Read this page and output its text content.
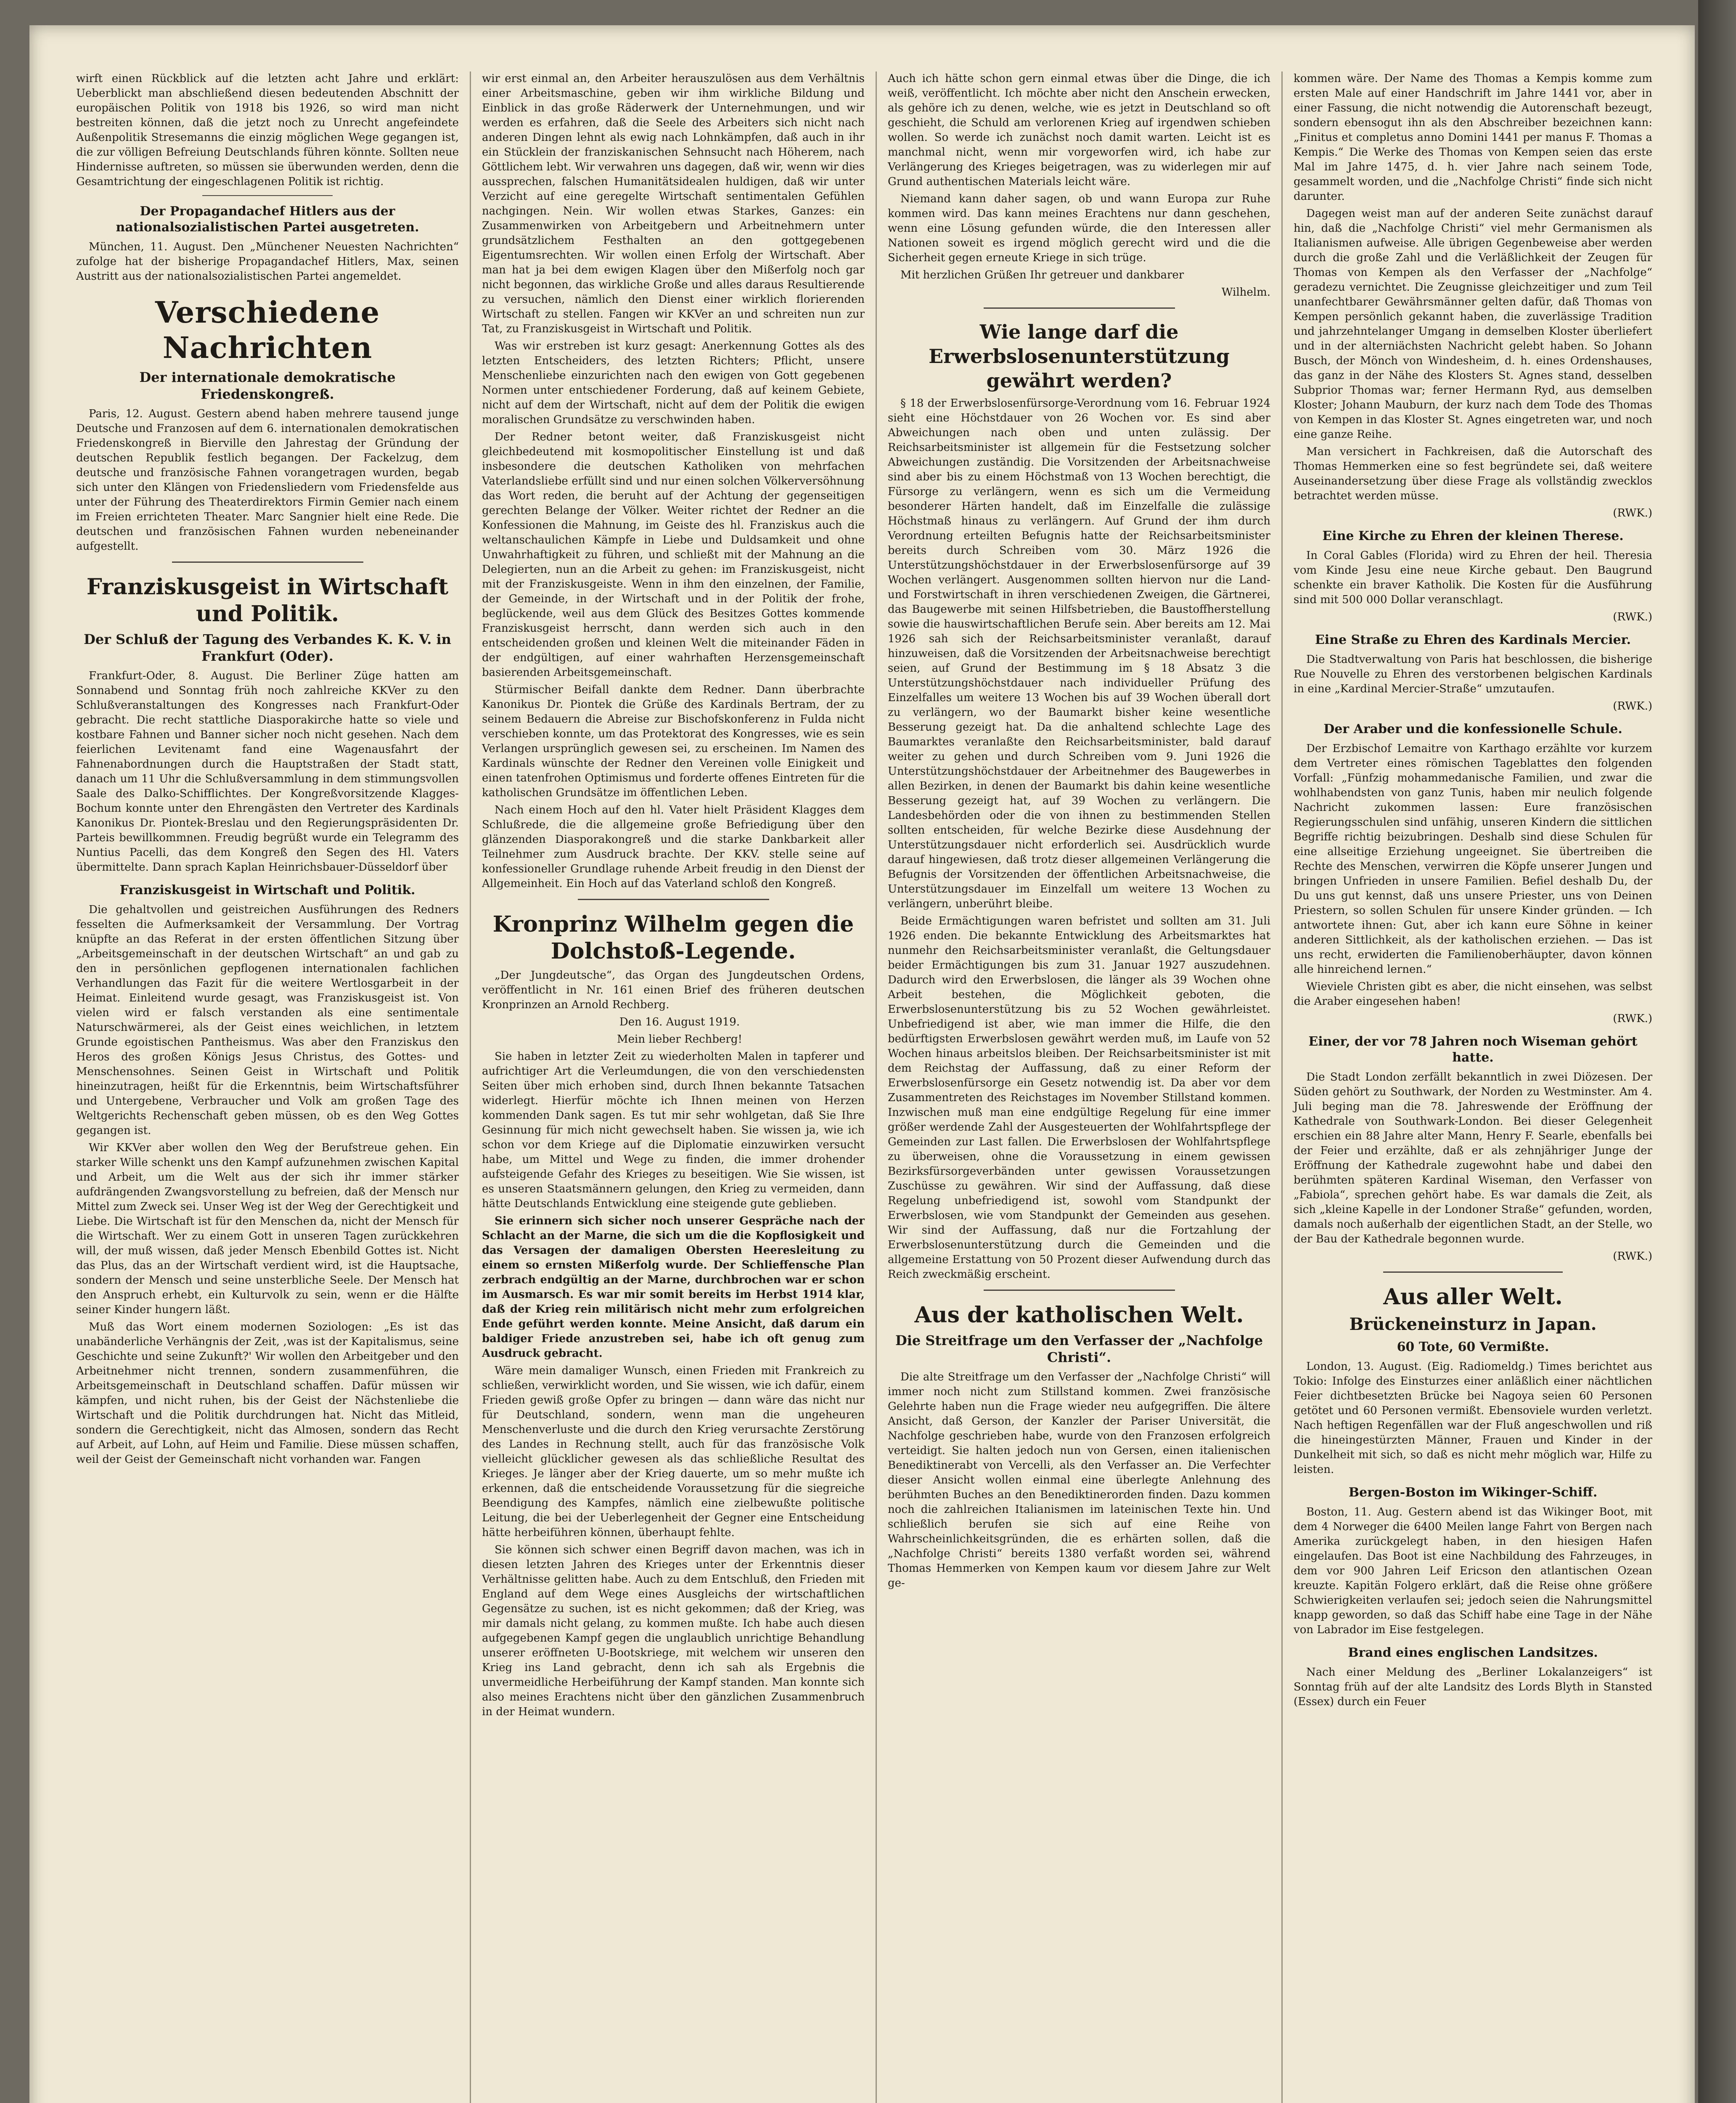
wirft einen Rückblick auf die letzten acht Jahre und erklärt: Ueberblickt man abschließend diesen bedeutenden Abschnitt der europäischen Politik von 1918 bis 1926, so wird man nicht bestreiten können, daß die jetzt noch zu Unrecht angefeindete Außenpolitik Stresemanns die einzig möglichen Wege gegangen ist, die zur völligen Befreiung Deutschlands führen könnte. Sollten neue Hindernisse auftreten, so müssen sie überwunden werden, denn die Gesamtrichtung der eingeschlagenen Politik ist richtig.

Der Propagandachef Hitlers aus der nationalsozialistischen Partei ausgetreten.

München, 11. August. Den „Münchener Neuesten Nachrichten“ zufolge hat der bisherige Propagandachef Hitlers, Max, seinen Austritt aus der nationalsozialistischen Partei angemeldet.

Verschiedene Nachrichten
Der internationale demokratische Friedenskongreß.

Paris, 12. August. Gestern abend haben mehrere tausend junge Deutsche und Franzosen auf dem 6. internationalen demokratischen Friedenskongreß in Bierville den Jahrestag der Gründung der deutschen Republik festlich begangen. Der Fackelzug, dem deutsche und französische Fahnen vorangetragen wurden, begab sich unter den Klängen von Friedensliedern vom Friedensfelde aus unter der Führung des Theaterdirektors Firmin Gemier nach einem im Freien errichteten Theater. Marc Sangnier hielt eine Rede. Die deutschen und französischen Fahnen wurden nebeneinander aufgestellt.

Franziskusgeist in Wirtschaft und Politik.
Der Schluß der Tagung des Verbandes K. K. V. in Frankfurt (Oder).

Frankfurt-Oder, 8. August. Die Berliner Züge hatten am Sonnabend und Sonntag früh noch zahlreiche KKVer zu den Schlußveranstaltungen des Kongresses nach Frankfurt-Oder gebracht. Die recht stattliche Diasporakirche hatte so viele und kostbare Fahnen und Banner sicher noch nicht gesehen. Nach dem feierlichen Levitenamt fand eine Wagenausfahrt der Fahnenabordnungen durch die Hauptstraßen der Stadt statt, danach um 11 Uhr die Schlußversammlung in dem stimmungsvollen Saale des Dalko-Schifflichtes. Der Kongreßvorsitzende Klagges-Bochum konnte unter den Ehrengästen den Vertreter des Kardinals Kanonikus Dr. Piontek-Breslau und den Regierungspräsidenten Dr. Parteis bewillkommnen. Freudig begrüßt wurde ein Telegramm des Nuntius Pacelli, das dem Kongreß den Segen des Hl. Vaters übermittelte. Dann sprach Kaplan Heinrichsbauer-Düsseldorf über

Franziskusgeist in Wirtschaft und Politik.

Die gehaltvollen und geistreichen Ausführungen des Redners fesselten die Aufmerksamkeit der Versammlung. Der Vortrag knüpfte an das Referat in der ersten öffentlichen Sitzung über „Arbeitsgemeinschaft in der deutschen Wirtschaft“ an und gab zu den in persönlichen gepflogenen internationalen fachlichen Verhandlungen das Fazit für die weitere Wertlosgarbeit in der Heimat. Einleitend wurde gesagt, was Franziskusgeist ist. Von vielen wird er falsch verstanden als eine sentimentale Naturschwärmerei, als der Geist eines weichlichen, in letztem Grunde egoistischen Pantheismus. Was aber den Franziskus den Heros des großen Königs Jesus Christus, des Gottes- und Menschensohnes. Seinen Geist in Wirtschaft und Politik hineinzutragen, heißt für die Erkenntnis, beim Wirtschaftsführer und Untergebene, Verbraucher und Volk am großen Tage des Weltgerichts Rechenschaft geben müssen, ob es den Weg Gottes gegangen ist.

Wir KKVer aber wollen den Weg der Berufstreue gehen. Ein starker Wille schenkt uns den Kampf aufzunehmen zwischen Kapital und Arbeit, um die Welt aus der sich ihr immer stärker aufdrängenden Zwangsvorstellung zu befreien, daß der Mensch nur Mittel zum Zweck sei. Unser Weg ist der Weg der Gerechtigkeit und Liebe. Die Wirtschaft ist für den Menschen da, nicht der Mensch für die Wirtschaft. Wer zu einem Gott in unseren Tagen zurückkehren will, der muß wissen, daß jeder Mensch Ebenbild Gottes ist. Nicht das Plus, das an der Wirtschaft verdient wird, ist die Hauptsache, sondern der Mensch und seine unsterbliche Seele. Der Mensch hat den Anspruch erhebt, ein Kulturvolk zu sein, wenn er die Hälfte seiner Kinder hungern läßt.

Muß das Wort einem modernen Soziologen: „Es ist das unabänderliche Verhängnis der Zeit, ,was ist der Kapitalismus, seine Geschichte und seine Zukunft?' Wir wollen den Arbeitgeber und den Arbeitnehmer nicht trennen, sondern zusammenführen, die Arbeitsgemeinschaft in Deutschland schaffen. Dafür müssen wir kämpfen, und nicht ruhen, bis der Geist der Nächstenliebe die Wirtschaft und die Politik durchdrungen hat. Nicht das Mitleid, sondern die Gerechtigkeit, nicht das Almosen, sondern das Recht auf Arbeit, auf Lohn, auf Heim und Familie. Diese müssen schaffen, weil der Geist der Gemeinschaft nicht vorhanden war. Fangen

wir erst einmal an, den Arbeiter herauszulösen aus dem Verhältnis einer Arbeitsmaschine, geben wir ihm wirkliche Bildung und Einblick in das große Räderwerk der Unternehmungen, und wir werden es erfahren, daß die Seele des Arbeiters sich nicht nach anderen Dingen lehnt als ewig nach Lohnkämpfen, daß auch in ihr ein Stücklein der franziskanischen Sehnsucht nach Höherem, nach Göttlichem lebt. Wir verwahren uns dagegen, daß wir, wenn wir dies aussprechen, falschen Humanitätsidealen huldigen, daß wir unter Verzicht auf eine geregelte Wirtschaft sentimentalen Gefühlen nachgingen. Nein. Wir wollen etwas Starkes, Ganzes: ein Zusammenwirken von Arbeitgebern und Arbeitnehmern unter grundsätzlichem Festhalten an den gottgegebenen Eigentumsrechten. Wir wollen einen Erfolg der Wirtschaft. Aber man hat ja bei dem ewigen Klagen über den Mißerfolg noch gar nicht begonnen, das wirkliche Große und alles daraus Resultierende zu versuchen, nämlich den Dienst einer wirklich florierenden Wirtschaft zu stellen. Fangen wir KKVer an und schreiten nun zur Tat, zu Franziskusgeist in Wirtschaft und Politik.

Was wir erstreben ist kurz gesagt: Anerkennung Gottes als des letzten Entscheiders, des letzten Richters; Pflicht, unsere Menschenliebe einzurichten nach den ewigen von Gott gegebenen Normen unter entschiedener Forderung, daß auf keinem Gebiete, nicht auf dem der Wirtschaft, nicht auf dem der Politik die ewigen moralischen Grundsätze zu verschwinden haben.

Der Redner betont weiter, daß Franziskusgeist nicht gleichbedeutend mit kosmopolitischer Einstellung ist und daß insbesondere die deutschen Katholiken von mehrfachen Vaterlandsliebe erfüllt sind und nur einen solchen Völkerversöhnung das Wort reden, die beruht auf der Achtung der gegenseitigen gerechten Belange der Völker. Weiter richtet der Redner an die Konfessionen die Mahnung, im Geiste des hl. Franziskus auch die weltanschaulichen Kämpfe in Liebe und Duldsamkeit und ohne Unwahrhaftigkeit zu führen, und schließt mit der Mahnung an die Delegierten, nun an die Arbeit zu gehen: im Franziskusgeist, nicht mit der Franziskusgeiste. Wenn in ihm den einzelnen, der Familie, der Gemeinde, in der Wirtschaft und in der Politik der frohe, beglückende, weil aus dem Glück des Besitzes Gottes kommende Franziskusgeist herrscht, dann werden sich auch in den entscheidenden großen und kleinen Welt die miteinander Fäden in der endgültigen, auf einer wahrhaften Herzensgemeinschaft basierenden Arbeitsgemeinschaft.

Stürmischer Beifall dankte dem Redner. Dann überbrachte Kanonikus Dr. Piontek die Grüße des Kardinals Bertram, der zu seinem Bedauern die Abreise zur Bischofskonferenz in Fulda nicht verschieben konnte, um das Protektorat des Kongresses, wie es sein Verlangen ursprünglich gewesen sei, zu erscheinen. Im Namen des Kardinals wünschte der Redner den Vereinen volle Einigkeit und einen tatenfrohen Optimismus und forderte offenes Eintreten für die katholischen Grundsätze im öffentlichen Leben.

Nach einem Hoch auf den hl. Vater hielt Präsident Klagges dem Schlußrede, die die allgemeine große Befriedigung über den glänzenden Diasporakongreß und die starke Dankbarkeit aller Teilnehmer zum Ausdruck brachte. Der KKV. stelle seine auf konfessioneller Grundlage ruhende Arbeit freudig in den Dienst der Allgemeinheit. Ein Hoch auf das Vaterland schloß den Kongreß.

Kronprinz Wilhelm gegen die Dolchstoß-Legende.

„Der Jungdeutsche“, das Organ des Jungdeutschen Ordens, veröffentlicht in Nr. 161 einen Brief des früheren deutschen Kronprinzen an Arnold Rechberg.

Den 16. August 1919.

Mein lieber Rechberg!

Sie haben in letzter Zeit zu wiederholten Malen in tapferer und aufrichtiger Art die Verleumdungen, die von den verschiedensten Seiten über mich erhoben sind, durch Ihnen bekannte Tatsachen widerlegt. Hierfür möchte ich Ihnen meinen von Herzen kommenden Dank sagen. Es tut mir sehr wohlgetan, daß Sie Ihre Gesinnung für mich nicht gewechselt haben. Sie wissen ja, wie ich schon vor dem Kriege auf die Diplomatie einzuwirken versucht habe, um Mittel und Wege zu finden, die immer drohender aufsteigende Gefahr des Krieges zu beseitigen. Wie Sie wissen, ist es unseren Staatsmännern gelungen, den Krieg zu vermeiden, dann hätte Deutschlands Entwicklung eine steigende gute geblieben.

Sie erinnern sich sicher noch unserer Gespräche nach der Schlacht an der Marne, die sich um die die Kopflosigkeit und das Versagen der damaligen Obersten Heeresleitung zu einem so ernsten Mißerfolg wurde. Der Schlieffensche Plan zerbrach endgültig an der Marne, durchbrochen war er schon im Ausmarsch. Es war mir somit bereits im Herbst 1914 klar, daß der Krieg rein militärisch nicht mehr zum erfolgreichen Ende geführt werden konnte. Meine Ansicht, daß darum ein baldiger Friede anzustreben sei, habe ich oft genug zum Ausdruck gebracht.

Wäre mein damaliger Wunsch, einen Frieden mit Frankreich zu schließen, verwirklicht worden, und Sie wissen, wie ich dafür, einem Frieden gewiß große Opfer zu bringen — dann wäre das nicht nur für Deutschland, sondern, wenn man die ungeheuren Menschenverluste und die durch den Krieg verursachte Zerstörung des Landes in Rechnung stellt, auch für das französische Volk vielleicht glücklicher gewesen als das schließliche Resultat des Krieges. Je länger aber der Krieg dauerte, um so mehr mußte ich erkennen, daß die entscheidende Voraussetzung für die siegreiche Beendigung des Kampfes, nämlich eine zielbewußte politische Leitung, die bei der Ueberlegenheit der Gegner eine Entscheidung hätte herbeiführen können, überhaupt fehlte.

Sie können sich schwer einen Begriff davon machen, was ich in diesen letzten Jahren des Krieges unter der Erkenntnis dieser Verhältnisse gelitten habe. Auch zu dem Entschluß, den Frieden mit England auf dem Wege eines Ausgleichs der wirtschaftlichen Gegensätze zu suchen, ist es nicht gekommen; daß der Krieg, was mir damals nicht gelang, zu kommen mußte. Ich habe auch diesen aufgegebenen Kampf gegen die unglaublich unrichtige Behandlung unserer eröffneten U-Bootskriege, mit welchem wir unseren den Krieg ins Land gebracht, denn ich sah als Ergebnis die unvermeidliche Herbeiführung der Kampf standen. Man konnte sich also meines Erachtens nicht über den gänzlichen Zusammenbruch in der Heimat wundern.

Auch ich hätte schon gern einmal etwas über die Dinge, die ich weiß, veröffentlicht. Ich möchte aber nicht den Anschein erwecken, als gehöre ich zu denen, welche, wie es jetzt in Deutschland so oft geschieht, die Schuld am verlorenen Krieg auf irgendwen schieben wollen. So werde ich zunächst noch damit warten. Leicht ist es manchmal nicht, wenn mir vorgeworfen wird, ich habe zur Verlängerung des Krieges beigetragen, was zu widerlegen mir auf Grund authentischen Materials leicht wäre.

Niemand kann daher sagen, ob und wann Europa zur Ruhe kommen wird. Das kann meines Erachtens nur dann geschehen, wenn eine Lösung gefunden würde, die den Interessen aller Nationen soweit es irgend möglich gerecht wird und die die Sicherheit gegen erneute Kriege in sich trüge.

Mit herzlichen Grüßen Ihr getreuer und dankbarer

Wilhelm.
Wie lange darf die Erwerbslosenunterstützung gewährt werden?

§ 18 der Erwerbslosenfürsorge-Verordnung vom 16. Februar 1924 sieht eine Höchstdauer von 26 Wochen vor. Es sind aber Abweichungen nach oben und unten zulässig. Der Reichsarbeitsminister ist allgemein für die Festsetzung solcher Abweichungen zuständig. Die Vorsitzenden der Arbeitsnachweise sind aber bis zu einem Höchstmaß von 13 Wochen berechtigt, die Fürsorge zu verlängern, wenn es sich um die Vermeidung besonderer Härten handelt, daß im Einzelfalle die zulässige Höchstmaß hinaus zu verlängern. Auf Grund der ihm durch Verordnung erteilten Befugnis hatte der Reichsarbeitsminister bereits durch Schreiben vom 30. März 1926 die Unterstützungshöchstdauer in der Erwerbslosenfürsorge auf 39 Wochen verlängert. Ausgenommen sollten hiervon nur die Land- und Forstwirtschaft in ihren verschiedenen Zweigen, die Gärtnerei, das Baugewerbe mit seinen Hilfsbetrieben, die Baustoffherstellung sowie die hauswirtschaftlichen Berufe sein. Aber bereits am 12. Mai 1926 sah sich der Reichsarbeitsminister veranlaßt, darauf hinzuweisen, daß die Vorsitzenden der Arbeitsnachweise berechtigt seien, auf Grund der Bestimmung im § 18 Absatz 3 die Unterstützungshöchstdauer nach individueller Prüfung des Einzelfalles um weitere 13 Wochen bis auf 39 Wochen überall dort zu verlängern, wo der Baumarkt bisher keine wesentliche Besserung gezeigt hat. Da die anhaltend schlechte Lage des Baumarktes veranlaßte den Reichsarbeitsminister, bald darauf weiter zu gehen und durch Schreiben vom 9. Juni 1926 die Unterstützungshöchstdauer der Arbeitnehmer des Baugewerbes in allen Bezirken, in denen der Baumarkt bis dahin keine wesentliche Besserung gezeigt hat, auf 39 Wochen zu verlängern. Die Landesbehörden oder die von ihnen zu bestimmenden Stellen sollten entscheiden, für welche Bezirke diese Ausdehnung der Unterstützungsdauer nicht erforderlich sei. Ausdrücklich wurde darauf hingewiesen, daß trotz dieser allgemeinen Verlängerung die Befugnis der Vorsitzenden der öffentlichen Arbeitsnachweise, die Unterstützungsdauer im Einzelfall um weitere 13 Wochen zu verlängern, unberührt bleibe.

Beide Ermächtigungen waren befristet und sollten am 31. Juli 1926 enden. Die bekannte Entwicklung des Arbeitsmarktes hat nunmehr den Reichsarbeitsminister veranlaßt, die Geltungsdauer beider Ermächtigungen bis zum 31. Januar 1927 auszudehnen. Dadurch wird den Erwerbslosen, die länger als 39 Wochen ohne Arbeit bestehen, die Möglichkeit geboten, die Erwerbslosenunterstützung bis zu 52 Wochen gewährleistet. Unbefriedigend ist aber, wie man immer die Hilfe, die den bedürftigsten Erwerbslosen gewährt werden muß, im Laufe von 52 Wochen hinaus arbeitslos bleiben. Der Reichsarbeitsminister ist mit dem Reichstag der Auffassung, daß zu einer Reform der Erwerbslosenfürsorge ein Gesetz notwendig ist. Da aber vor dem Zusammentreten des Reichstages im November Stillstand kommen. Inzwischen muß man eine endgültige Regelung für eine immer größer werdende Zahl der Ausgesteuerten der Wohlfahrtspflege der Gemeinden zur Last fallen. Die Erwerbslosen der Wohlfahrtspflege zu überweisen, ohne die Voraussetzung in einem gewissen Bezirksfürsorgeverbänden unter gewissen Voraussetzungen Zuschüsse zu gewähren. Wir sind der Auffassung, daß diese Regelung unbefriedigend ist, sowohl vom Standpunkt der Erwerbslosen, wie vom Standpunkt der Gemeinden aus gesehen. Wir sind der Auffassung, daß nur die Fortzahlung der Erwerbslosenunterstützung durch die Gemeinden und die allgemeine Erstattung von 50 Prozent dieser Aufwendung durch das Reich zweckmäßig erscheint.

Aus der katholischen Welt.
Die Streitfrage um den Verfasser der „Nachfolge Christi“.

Die alte Streitfrage um den Verfasser der „Nachfolge Christi“ will immer noch nicht zum Stillstand kommen. Zwei französische Gelehrte haben nun die Frage wieder neu aufgegriffen. Die ältere Ansicht, daß Gerson, der Kanzler der Pariser Universität, die Nachfolge geschrieben habe, wurde von den Franzosen erfolgreich verteidigt. Sie halten jedoch nun von Gersen, einen italienischen Benediktinerabt von Vercelli, als den Verfasser an. Die Verfechter dieser Ansicht wollen einmal eine überlegte Anlehnung des berühmten Buches an den Benediktinerorden finden. Dazu kommen noch die zahlreichen Italianismen im lateinischen Texte hin. Und schließlich berufen sie sich auf eine Reihe von Wahrscheinlichkeitsgründen, die es erhärten sollen, daß die „Nachfolge Christi“ bereits 1380 verfaßt worden sei, während Thomas Hemmerken von Kempen kaum vor diesem Jahre zur Welt ge-

kommen wäre. Der Name des Thomas a Kempis komme zum ersten Male auf einer Handschrift im Jahre 1441 vor, aber in einer Fassung, die nicht notwendig die Autorenschaft bezeugt, sondern ebensogut ihn als den Abschreiber bezeichnen kann: „Finitus et completus anno Domini 1441 per manus F. Thomas a Kempis.“ Die Werke des Thomas von Kempen seien das erste Mal im Jahre 1475, d. h. vier Jahre nach seinem Tode, gesammelt worden, und die „Nachfolge Christi“ finde sich nicht darunter.

Dagegen weist man auf der anderen Seite zunächst darauf hin, daß die „Nachfolge Christi“ viel mehr Germanismen als Italianismen aufweise. Alle übrigen Gegenbeweise aber werden durch die große Zahl und die Verläßlichkeit der Zeugen für Thomas von Kempen als den Verfasser der „Nachfolge“ geradezu vernichtet. Die Zeugnisse gleichzeitiger und zum Teil unanfechtbarer Gewährsmänner gelten dafür, daß Thomas von Kempen persönlich gekannt haben, die zuverlässige Tradition und jahrzehntelanger Umgang in demselben Kloster überliefert und in der alterniächsten Nachricht gelebt haben. So Johann Busch, der Mönch von Windesheim, d. h. eines Ordenshauses, das ganz in der Nähe des Klosters St. Agnes stand, desselben Subprior Thomas war; ferner Hermann Ryd, aus demselben Kloster; Johann Mauburn, der kurz nach dem Tode des Thomas von Kempen in das Kloster St. Agnes eingetreten war, und noch eine ganze Reihe.

Man versichert in Fachkreisen, daß die Autorschaft des Thomas Hemmerken eine so fest begründete sei, daß weitere Auseinandersetzung über diese Frage als vollständig zwecklos betrachtet werden müsse.

(RWK.)
Eine Kirche zu Ehren der kleinen Therese.

In Coral Gables (Florida) wird zu Ehren der heil. Theresia vom Kinde Jesu eine neue Kirche gebaut. Den Baugrund schenkte ein braver Katholik. Die Kosten für die Ausführung sind mit 500 000 Dollar veranschlagt.

(RWK.)
Eine Straße zu Ehren des Kardinals Mercier.

Die Stadtverwaltung von Paris hat beschlossen, die bisherige Rue Nouvelle zu Ehren des verstorbenen belgischen Kardinals in eine „Kardinal Mercier-Straße“ umzutaufen.

(RWK.)
Der Araber und die konfessionelle Schule.

Der Erzbischof Lemaitre von Karthago erzählte vor kurzem dem Vertreter eines römischen Tageblattes den folgenden Vorfall: „Fünfzig mohammedanische Familien, und zwar die wohlhabendsten von ganz Tunis, haben mir neulich folgende Nachricht zukommen lassen: Eure französischen Regierungsschulen sind unfähig, unseren Kindern die sittlichen Begriffe richtig beizubringen. Deshalb sind diese Schulen für eine allseitige Erziehung ungeeignet. Sie übertreiben die Rechte des Menschen, verwirren die Köpfe unserer Jungen und bringen Unfrieden in unsere Familien. Befiel deshalb Du, der Du uns gut kennst, daß uns unsere Priester, uns von Deinen Priestern, so sollen Schulen für unsere Kinder gründen. — Ich antwortete ihnen: Gut, aber ich kann eure Söhne in keiner anderen Sittlichkeit, als der katholischen erziehen. — Das ist uns recht, erwiderten die Familienoberhäupter, davon können alle hinreichend lernen.“

Wieviele Christen gibt es aber, die nicht einsehen, was selbst die Araber eingesehen haben!

(RWK.)
Einer, der vor 78 Jahren noch Wiseman gehört hatte.

Die Stadt London zerfällt bekanntlich in zwei Diözesen. Der Süden gehört zu Southwark, der Norden zu Westminster. Am 4. Juli beging man die 78. Jahreswende der Eröffnung der Kathedrale von Southwark-London. Bei dieser Gelegenheit erschien ein 88 Jahre alter Mann, Henry F. Searle, ebenfalls bei der Feier und erzählte, daß er als zehnjähriger Junge der Eröffnung der Kathedrale zugewohnt habe und dabei den berühmten späteren Kardinal Wiseman, den Verfasser von „Fabiola“, sprechen gehört habe. Es war damals die Zeit, als sich „kleine Kapelle in der Londoner Straße“ gefunden, worden, damals noch außerhalb der eigentlichen Stadt, an der Stelle, wo der Bau der Kathedrale begonnen wurde.

(RWK.)
Aus aller Welt.
Brückeneinsturz in Japan.
60 Tote, 60 Vermißte.

London, 13. August. (Eig. Radiomeldg.) Times berichtet aus Tokio: Infolge des Einsturzes einer anläßlich einer nächtlichen Feier dichtbesetzten Brücke bei Nagoya seien 60 Personen getötet und 60 Personen vermißt. Ebensoviele wurden verletzt. Nach heftigen Regenfällen war der Fluß angeschwollen und riß die hineingestürzten Männer, Frauen und Kinder in der Dunkelheit mit sich, so daß es nicht mehr möglich war, Hilfe zu leisten.

Bergen-Boston im Wikinger-Schiff.

Boston, 11. Aug. Gestern abend ist das Wikinger Boot, mit dem 4 Norweger die 6400 Meilen lange Fahrt von Bergen nach Amerika zurückgelegt haben, in den hiesigen Hafen eingelaufen. Das Boot ist eine Nachbildung des Fahrzeuges, in dem vor 900 Jahren Leif Ericson den atlantischen Ozean kreuzte. Kapitän Folgero erklärt, daß die Reise ohne größere Schwierigkeiten verlaufen sei; jedoch seien die Nahrungsmittel knapp geworden, so daß das Schiff habe eine Tage in der Nähe von Labrador im Eise festgelegen.

Brand eines englischen Landsitzes.

Nach einer Meldung des „Berliner Lokalanzeigers“ ist Sonntag früh auf der alte Landsitz des Lords Blyth in Stansted (Essex) durch ein Feuer
